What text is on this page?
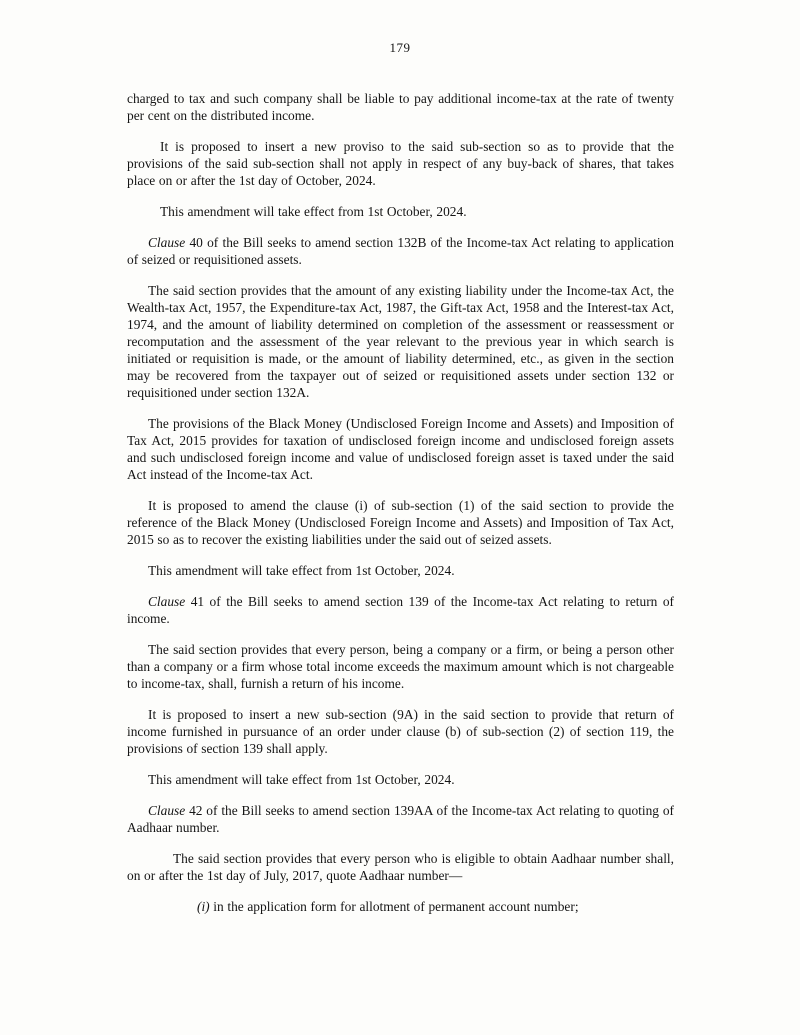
179

charged to tax and such company shall be liable to pay additional income-tax at the rate of twenty per cent on the distributed income.

It is proposed to insert a new proviso to the said sub-section so as to provide that the provisions of the said sub-section shall not apply in respect of any buy-back of shares, that takes place on or after the 1st day of October, 2024.

This amendment will take effect from 1st October, 2024.

Clause 40 of the Bill seeks to amend section 132B of the Income-tax Act relating to application of seized or requisitioned assets.

The said section provides that the amount of any existing liability under the Income-tax Act, the Wealth-tax Act, 1957, the Expenditure-tax Act, 1987, the Gift-tax Act, 1958 and the Interest-tax Act, 1974, and the amount of liability determined on completion of the assessment or reassessment or recomputation and the assessment of the year relevant to the previous year in which search is initiated or requisition is made, or the amount of liability determined, etc., as given in the section may be recovered from the taxpayer out of seized or requisitioned assets under section 132 or requisitioned under section 132A.

The provisions of the Black Money (Undisclosed Foreign Income and Assets) and Imposition of Tax Act, 2015 provides for taxation of undisclosed foreign income and undisclosed foreign assets and such undisclosed foreign income and value of undisclosed foreign asset is taxed under the said Act instead of the Income-tax Act.

It is proposed to amend the clause (i) of sub-section (1) of the said section to provide the reference of the Black Money (Undisclosed Foreign Income and Assets) and Imposition of Tax Act, 2015 so as to recover the existing liabilities under the said out of seized assets.

This amendment will take effect from 1st October, 2024.

Clause 41 of the Bill seeks to amend section 139 of the Income-tax Act relating to return of income.

The said section provides that every person, being a company or a firm, or being a person other than a company or a firm whose total income exceeds the maximum amount which is not chargeable to income-tax, shall, furnish a return of his income.

It is proposed to insert a new sub-section (9A) in the said section to provide that return of income furnished in pursuance of an order under clause (b) of sub-section (2) of section 119, the provisions of section 139 shall apply.

This amendment will take effect from 1st October, 2024.

Clause 42 of the Bill seeks to amend section 139AA of the Income-tax Act relating to quoting of Aadhaar number.

The said section provides that every person who is eligible to obtain Aadhaar number shall, on or after the 1st day of July, 2017, quote Aadhaar number—

(i) in the application form for allotment of permanent account number;
